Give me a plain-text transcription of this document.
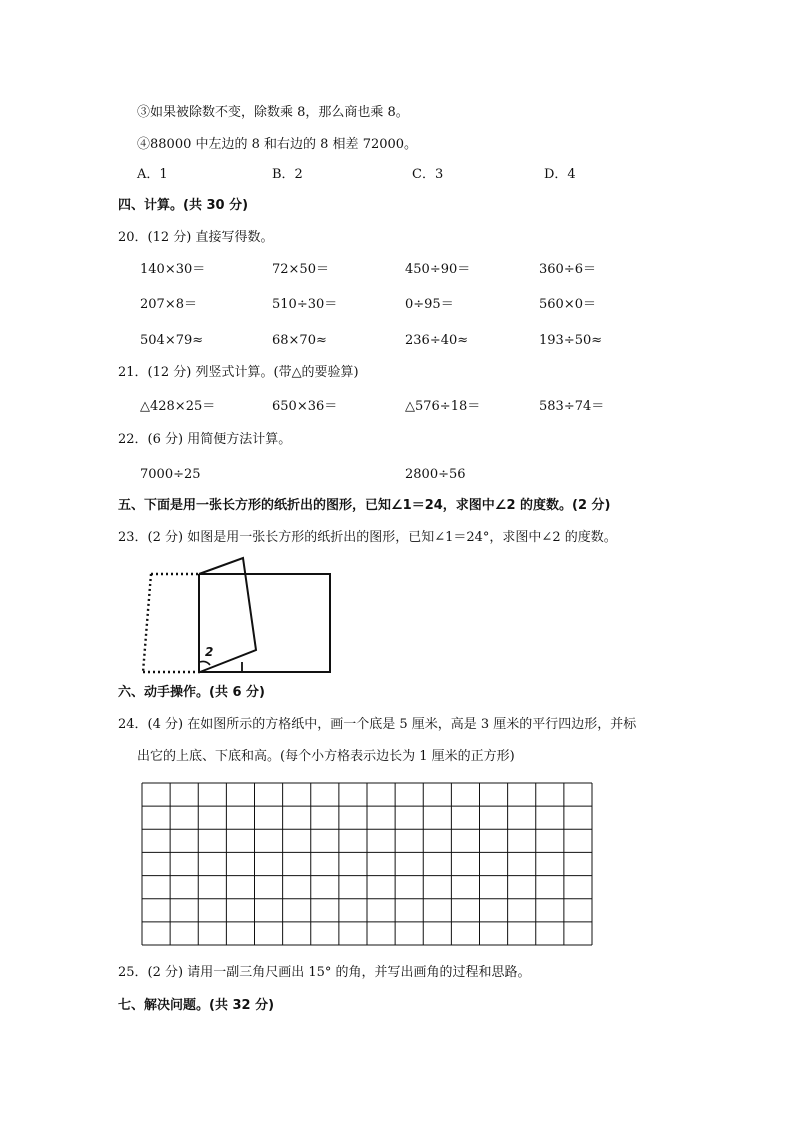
③如果被除数不变，除数乘 8，那么商也乘 8。
④88000 中左边的 8 和右边的 8 相差 72000。
A．1	B．2	C．3	D．4
四、计算。(共 30 分)
20．(12 分) 直接写得数。
140×30＝	72×50＝	450÷90＝	360÷6＝
207×8＝	510÷30＝	0÷95＝	560×0＝
504×79≈	68×70≈	236÷40≈	193÷50≈
21．(12 分) 列竖式计算。(带△的要验算)
△428×25＝	650×36＝	△576÷18＝	583÷74＝
22．(6 分) 用简便方法计算。
7000÷25	2800÷56
五、下面是用一张长方形的纸折出的图形，已知∠1＝24，求图中∠2 的度数。(2 分)
23．(2 分) 如图是用一张长方形的纸折出的图形，已知∠1＝24°，求图中∠2 的度数。
2
六、动手操作。(共 6 分)
24．(4 分) 在如图所示的方格纸中，画一个底是 5 厘米，高是 3 厘米的平行四边形，并标
出它的上底、下底和高。(每个小方格表示边长为 1 厘米的正方形)
25．(2 分) 请用一副三角尺画出 15° 的角，并写出画角的过程和思路。
七、解决问题。(共 32 分)
